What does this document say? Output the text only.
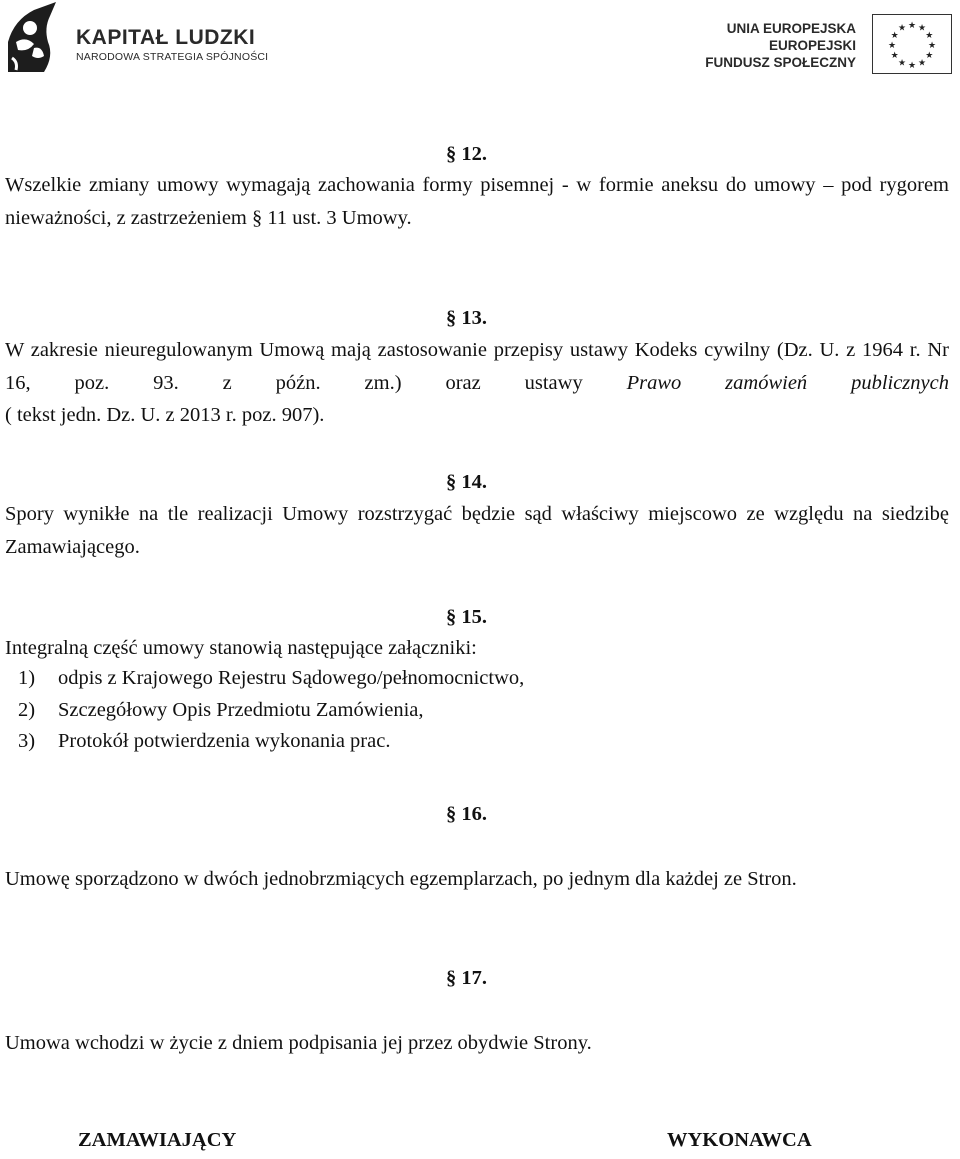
KAPITAŁ LUDZKI
NARODOWA STRATEGIA SPÓJNOŚCI
UNIA EUROPEJSKA
EUROPEJSKI
FUNDUSZ SPOŁECZNY
★ ★
★
★
★
★
★
★
★
★
★
★
§ 12.

Wszelkie zmiany umowy wymagają zachowania formy pisemnej - w formie aneksu do umowy – pod rygorem nieważności, z zastrzeżeniem § 11 ust. 3 Umowy.

§ 13.

W zakresie nieuregulowanym Umową mają zastosowanie przepisy ustawy Kodeks cywilny (Dz. U. z 1964 r. Nr 16, poz. 93. z późn. zm.) oraz ustawy Prawo zamówień publicznych

( tekst jedn. Dz. U. z 2013 r. poz. 907).

§ 14.

Spory wynikłe na tle realizacji Umowy rozstrzygać będzie sąd właściwy miejscowo ze względu na siedzibę Zamawiającego.

§ 15.

Integralną część umowy stanowią następujące załączniki:

1) odpis z Krajowego Rejestru Sądowego/pełnomocnictwo,
2) Szczegółowy Opis Przedmiotu Zamówienia,
3) Protokół potwierdzenia wykonania prac.
§ 16.

Umowę sporządzono w dwóch jednobrzmiących egzemplarzach, po jednym dla każdej ze Stron.

§ 17.

Umowa wchodzi w życie z dniem podpisania jej przez obydwie Strony.

ZAMAWIAJĄCY	WYKONAWCA
